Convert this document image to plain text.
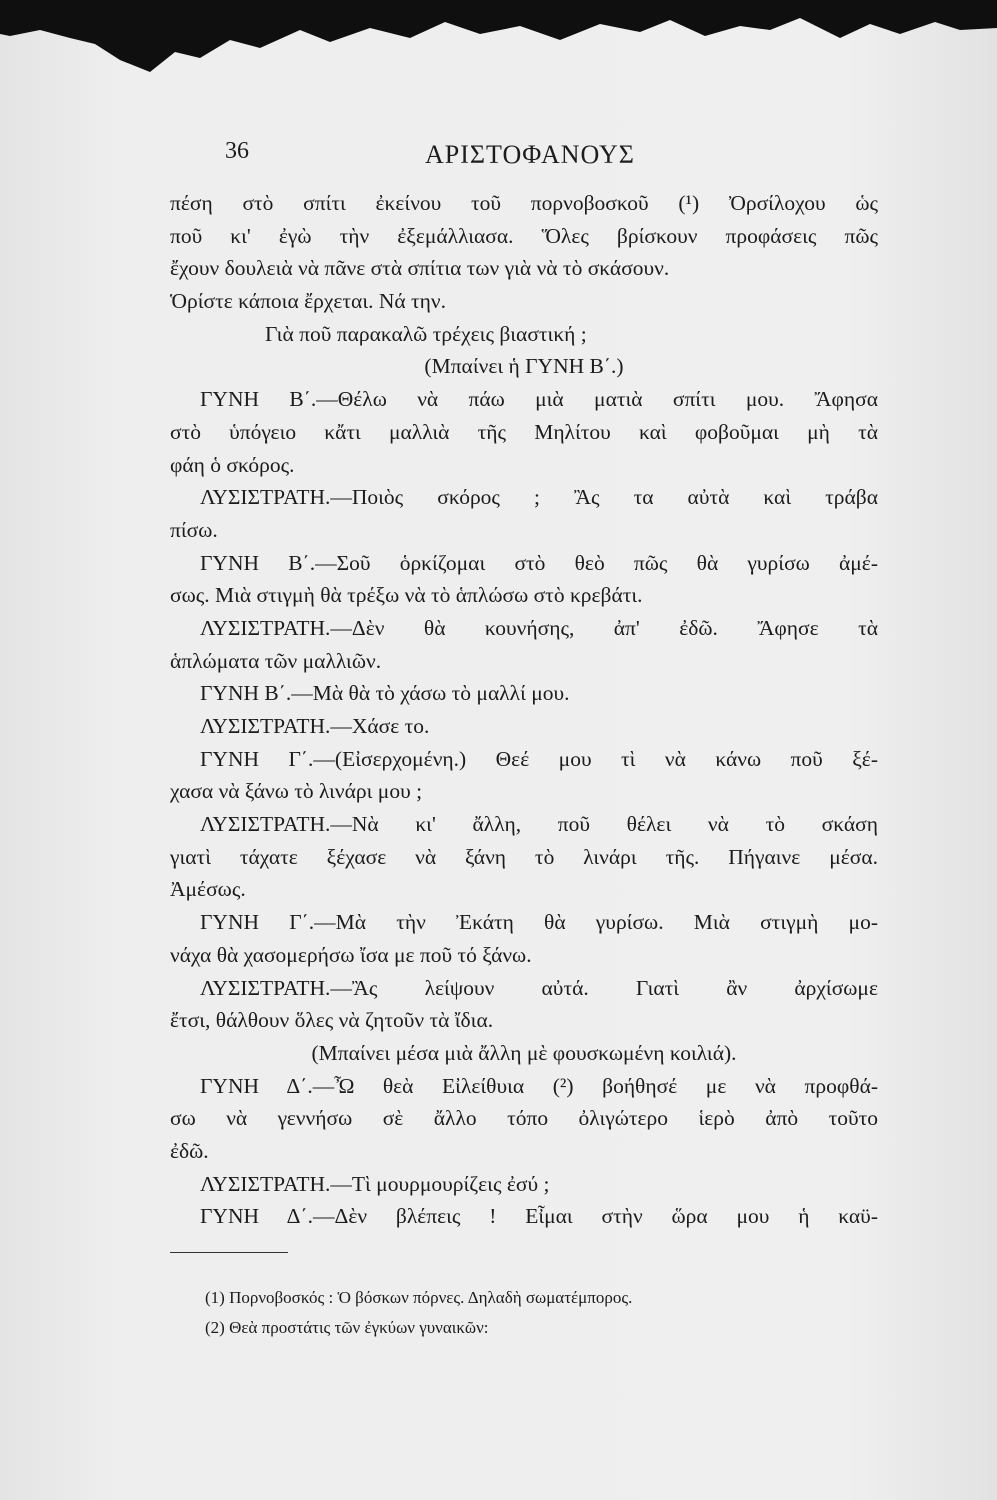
36	ΑΡΙΣΤΟΦΑΝΟΥΣ
πέση στὸ σπίτι ἐκείνου τοῦ πορνοβοσκοῦ (¹) Ὀρσίλοχου ὡς
ποῦ κι' ἐγὼ τὴν ἐξεμάλλιασα. Ὅλες βρίσκουν προφάσεις πῶς
ἔχουν δουλειὰ νὰ πᾶνε στὰ σπίτια των γιὰ νὰ τὸ σκάσουν.
Ὁρίστε κάποια ἔρχεται. Νά την.
Γιὰ ποῦ παρακαλῶ τρέχεις βιαστική ;
(Μπαίνει ἡ ΓΥΝΗ Β΄.)
ΓΥΝΗ Β΄.—Θέλω νὰ πάω μιὰ ματιὰ σπίτι μου. Ἄφησα
στὸ ὑπόγειο κἄτι μαλλιὰ τῆς Μηλίτου καὶ φοβοῦμαι μὴ τὰ
φάη ὁ σκόρος.
ΛΥΣΙΣΤΡΑΤΗ.—Ποιὸς σκόρος ; Ἂς τα αὐτὰ καὶ τράβα
πίσω.
ΓΥΝΗ Β΄.—Σοῦ ὁρκίζομαι στὸ θεὸ πῶς θὰ γυρίσω ἀμέ-
σως. Μιὰ στιγμὴ θὰ τρέξω νὰ τὸ ἁπλώσω στὸ κρεβάτι.
ΛΥΣΙΣΤΡΑΤΗ.—Δὲν θὰ κουνήσης, ἀπ' ἐδῶ. Ἄφησε τὰ
ἁπλώματα τῶν μαλλιῶν.
ΓΥΝΗ Β΄.—Μὰ θὰ τὸ χάσω τὸ μαλλί μου.
ΛΥΣΙΣΤΡΑΤΗ.—Χάσε το.
ΓΥΝΗ Γ΄.—(Εἰσερχομένη.) Θεέ μου τὶ νὰ κάνω ποῦ ξέ-
χασα νὰ ξάνω τὸ λινάρι μου ;
ΛΥΣΙΣΤΡΑΤΗ.—Νὰ κι' ἄλλη, ποῦ θέλει νὰ τὸ σκάση
γιατὶ τάχατε ξέχασε νὰ ξάνη τὸ λινάρι τῆς. Πήγαινε μέσα.
Ἀμέσως.
ΓΥΝΗ Γ΄.—Μὰ τὴν Ἐκάτη θὰ γυρίσω. Μιὰ στιγμὴ μο-
νάχα θὰ χασομερήσω ἴσα με ποῦ τό ξάνω.
ΛΥΣΙΣΤΡΑΤΗ.—Ἂς λείψουν αὐτά. Γιατὶ ἂν ἀρχίσωμε
ἔτσι, θάλθουν ὅλες νὰ ζητοῦν τὰ ἴδια.
(Μπαίνει μέσα μιὰ ἄλλη μὲ φουσκωμένη κοιλιά).
ΓΥΝΗ Δ΄.—Ὦ θεὰ Εἰλείθυια (²) βοήθησέ με νὰ προφθά-
σω νὰ γεννήσω σὲ ἄλλο τόπο ὀλιγώτερο ἱερὸ ἀπὸ τοῦτο
ἐδῶ.
ΛΥΣΙΣΤΡΑΤΗ.—Τὶ μουρμουρίζεις ἐσύ ;
ΓΥΝΗ Δ΄.—Δὲν βλέπεις ! Εἶμαι στὴν ὥρα μου ἡ καϋ-
(1) Πορνοβοσκός : Ὁ βόσκων πόρνες. Δηλαδὴ σωματέμπορος.
(2) Θεὰ προστάτις τῶν ἐγκύων γυναικῶν:
